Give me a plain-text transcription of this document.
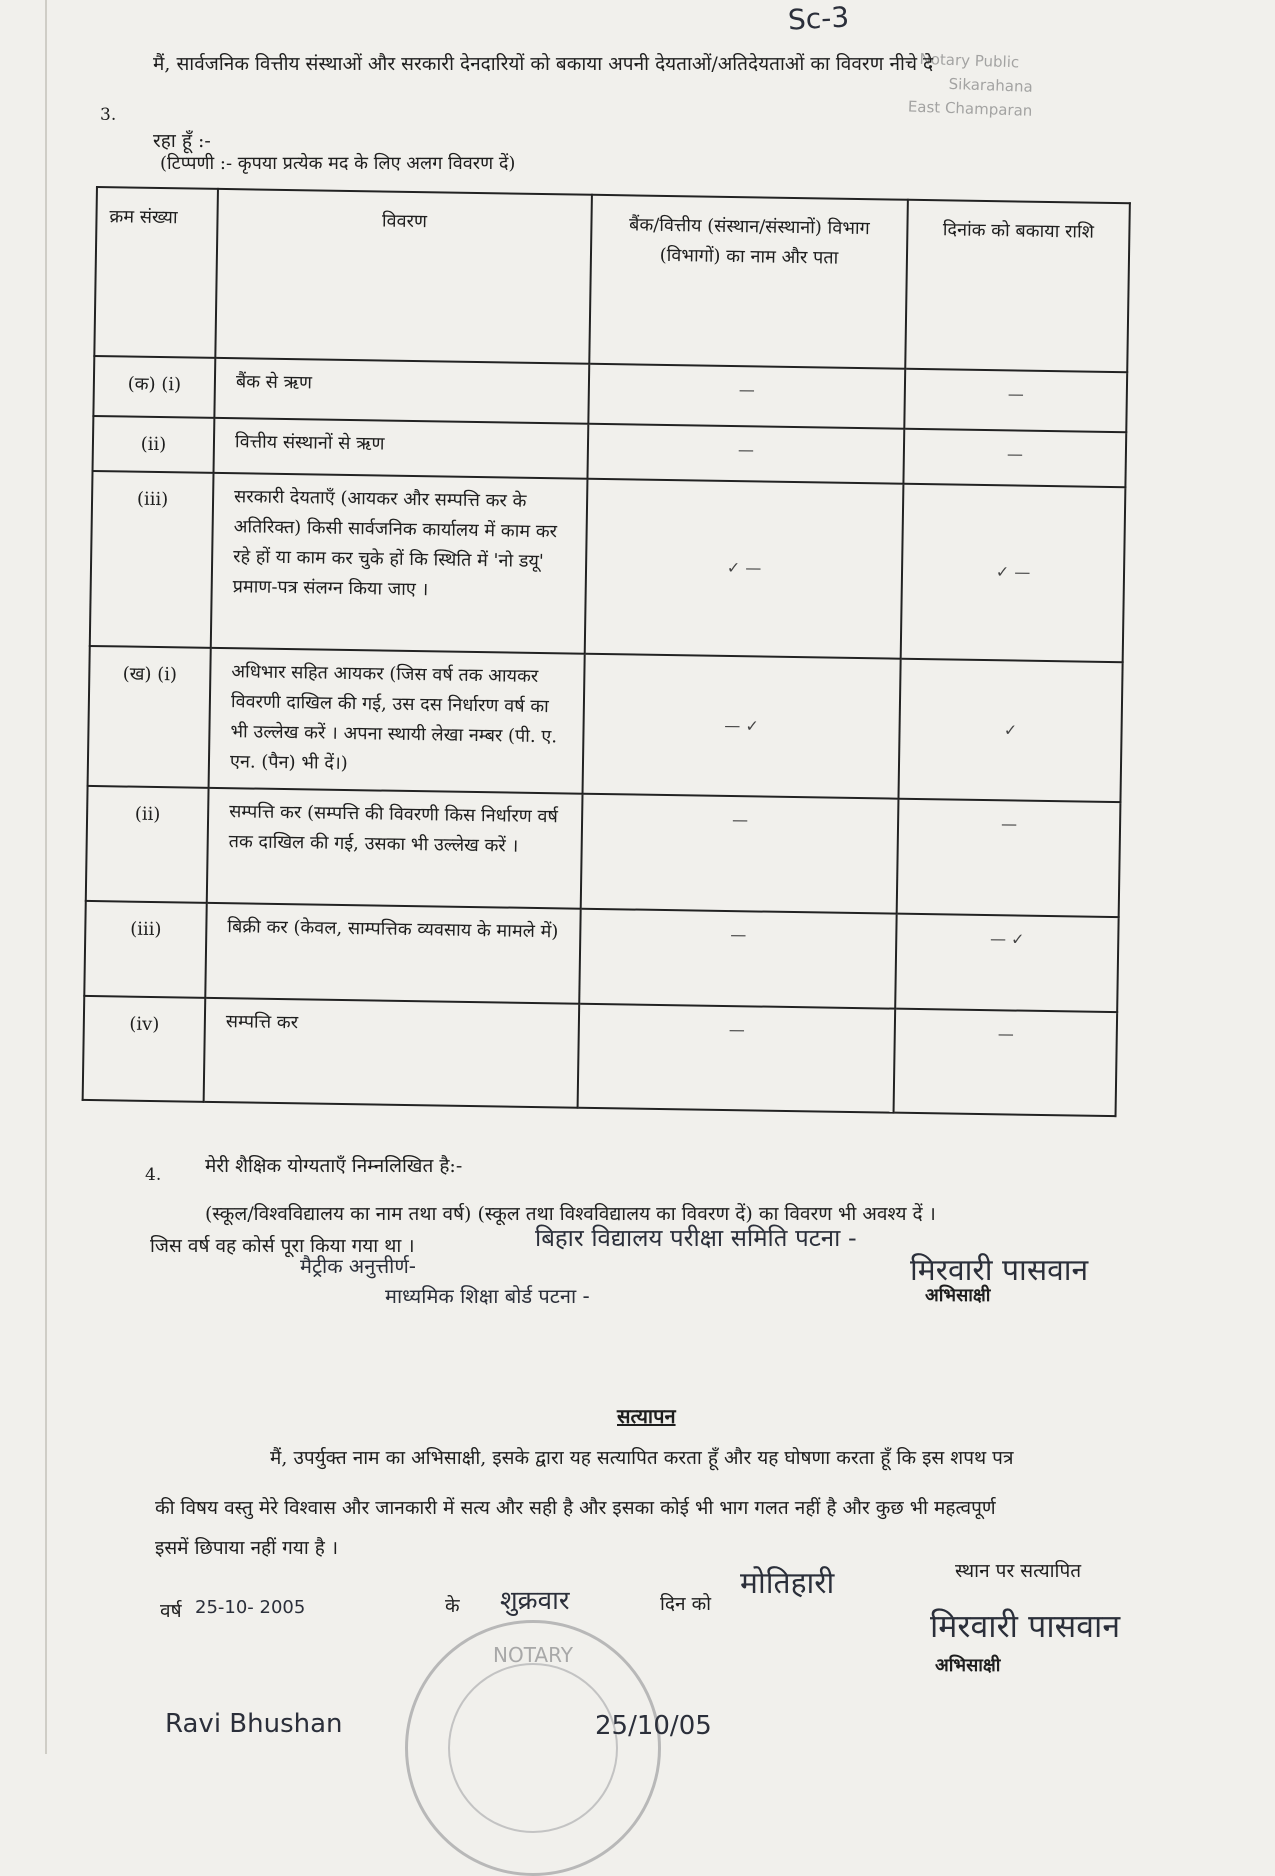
Sc-3
Notary Public
Sikarahana
East Champaran
3.
मैं, सार्वजनिक वित्तीय संस्थाओं और सरकारी देनदारियों को बकाया अपनी देयताओं/अतिदेयताओं का विवरण नीचे दे
रहा हूँ :-
(टिप्पणी :- कृपया प्रत्येक मद के लिए अलग विवरण दें)
क्रम संख्या	विवरण	बैंक/वित्तीय (संस्थान/संस्थानों) विभाग (विभागों) का नाम और पता	दिनांक को बकाया राशि
(क) (i)	बैंक से ऋण	—	—
(ii)	वित्तीय संस्थानों से ऋण	—	—
(iii)	सरकारी देयताएँ (आयकर और सम्पत्ति कर के अतिरिक्त) किसी सार्वजनिक कार्यालय में काम कर रहे हों या काम कर चुके हों कि स्थिति में 'नो डयू' प्रमाण-पत्र संलग्न किया जाए ।	✓ —	✓ —
(ख) (i)	अधिभार सहित आयकर (जिस वर्ष तक आयकर विवरणी दाखिल की गई, उस दस निर्धारण वर्ष का भी उल्लेख करें । अपना स्थायी लेखा नम्बर (पी. ए. एन. (पैन) भी दें।)	— ✓	✓
(ii)	सम्पत्ति कर (सम्पत्ति की विवरणी किस निर्धारण वर्ष तक दाखिल की गई, उसका भी उल्लेख करें ।	—	—
(iii)	बिक्री कर (केवल, साम्पत्तिक व्यवसाय के मामले में)	—	— ✓
(iv)	सम्पत्ति कर	—	—
4. मेरी शैक्षिक योग्यताएँ निम्नलिखित है:-
(स्कूल/विश्वविद्यालय का नाम तथा वर्ष) (स्कूल तथा विश्वविद्यालय का विवरण दें) का विवरण भी अवश्य दें ।
जिस वर्ष वह कोर्स पूरा किया गया था ।	बिहार विद्यालय परीक्षा समिति पटना -
मैट्रीक अनुत्तीर्ण-
माध्यमिक शिक्षा बोर्ड पटना -
मिरवारी पासवान
अभिसाक्षी
सत्यापन
मैं, उपर्युक्त नाम का अभिसाक्षी, इसके द्वारा यह सत्यापित करता हूँ और यह घोषणा करता हूँ कि इस शपथ पत्र
की विषय वस्तु मेरे विश्वास और जानकारी में सत्य और सही है और इसका कोई भी भाग गलत नहीं है और कुछ भी महत्वपूर्ण
इसमें छिपाया नहीं गया है ।
वर्ष 25-10- 2005	के शुक्रवार	दिन को
मोतिहारी	स्थान पर सत्यापित
मिरवारी पासवान
अभिसाक्षी
NOTARY
Ravi Bhushan	25/10/05
